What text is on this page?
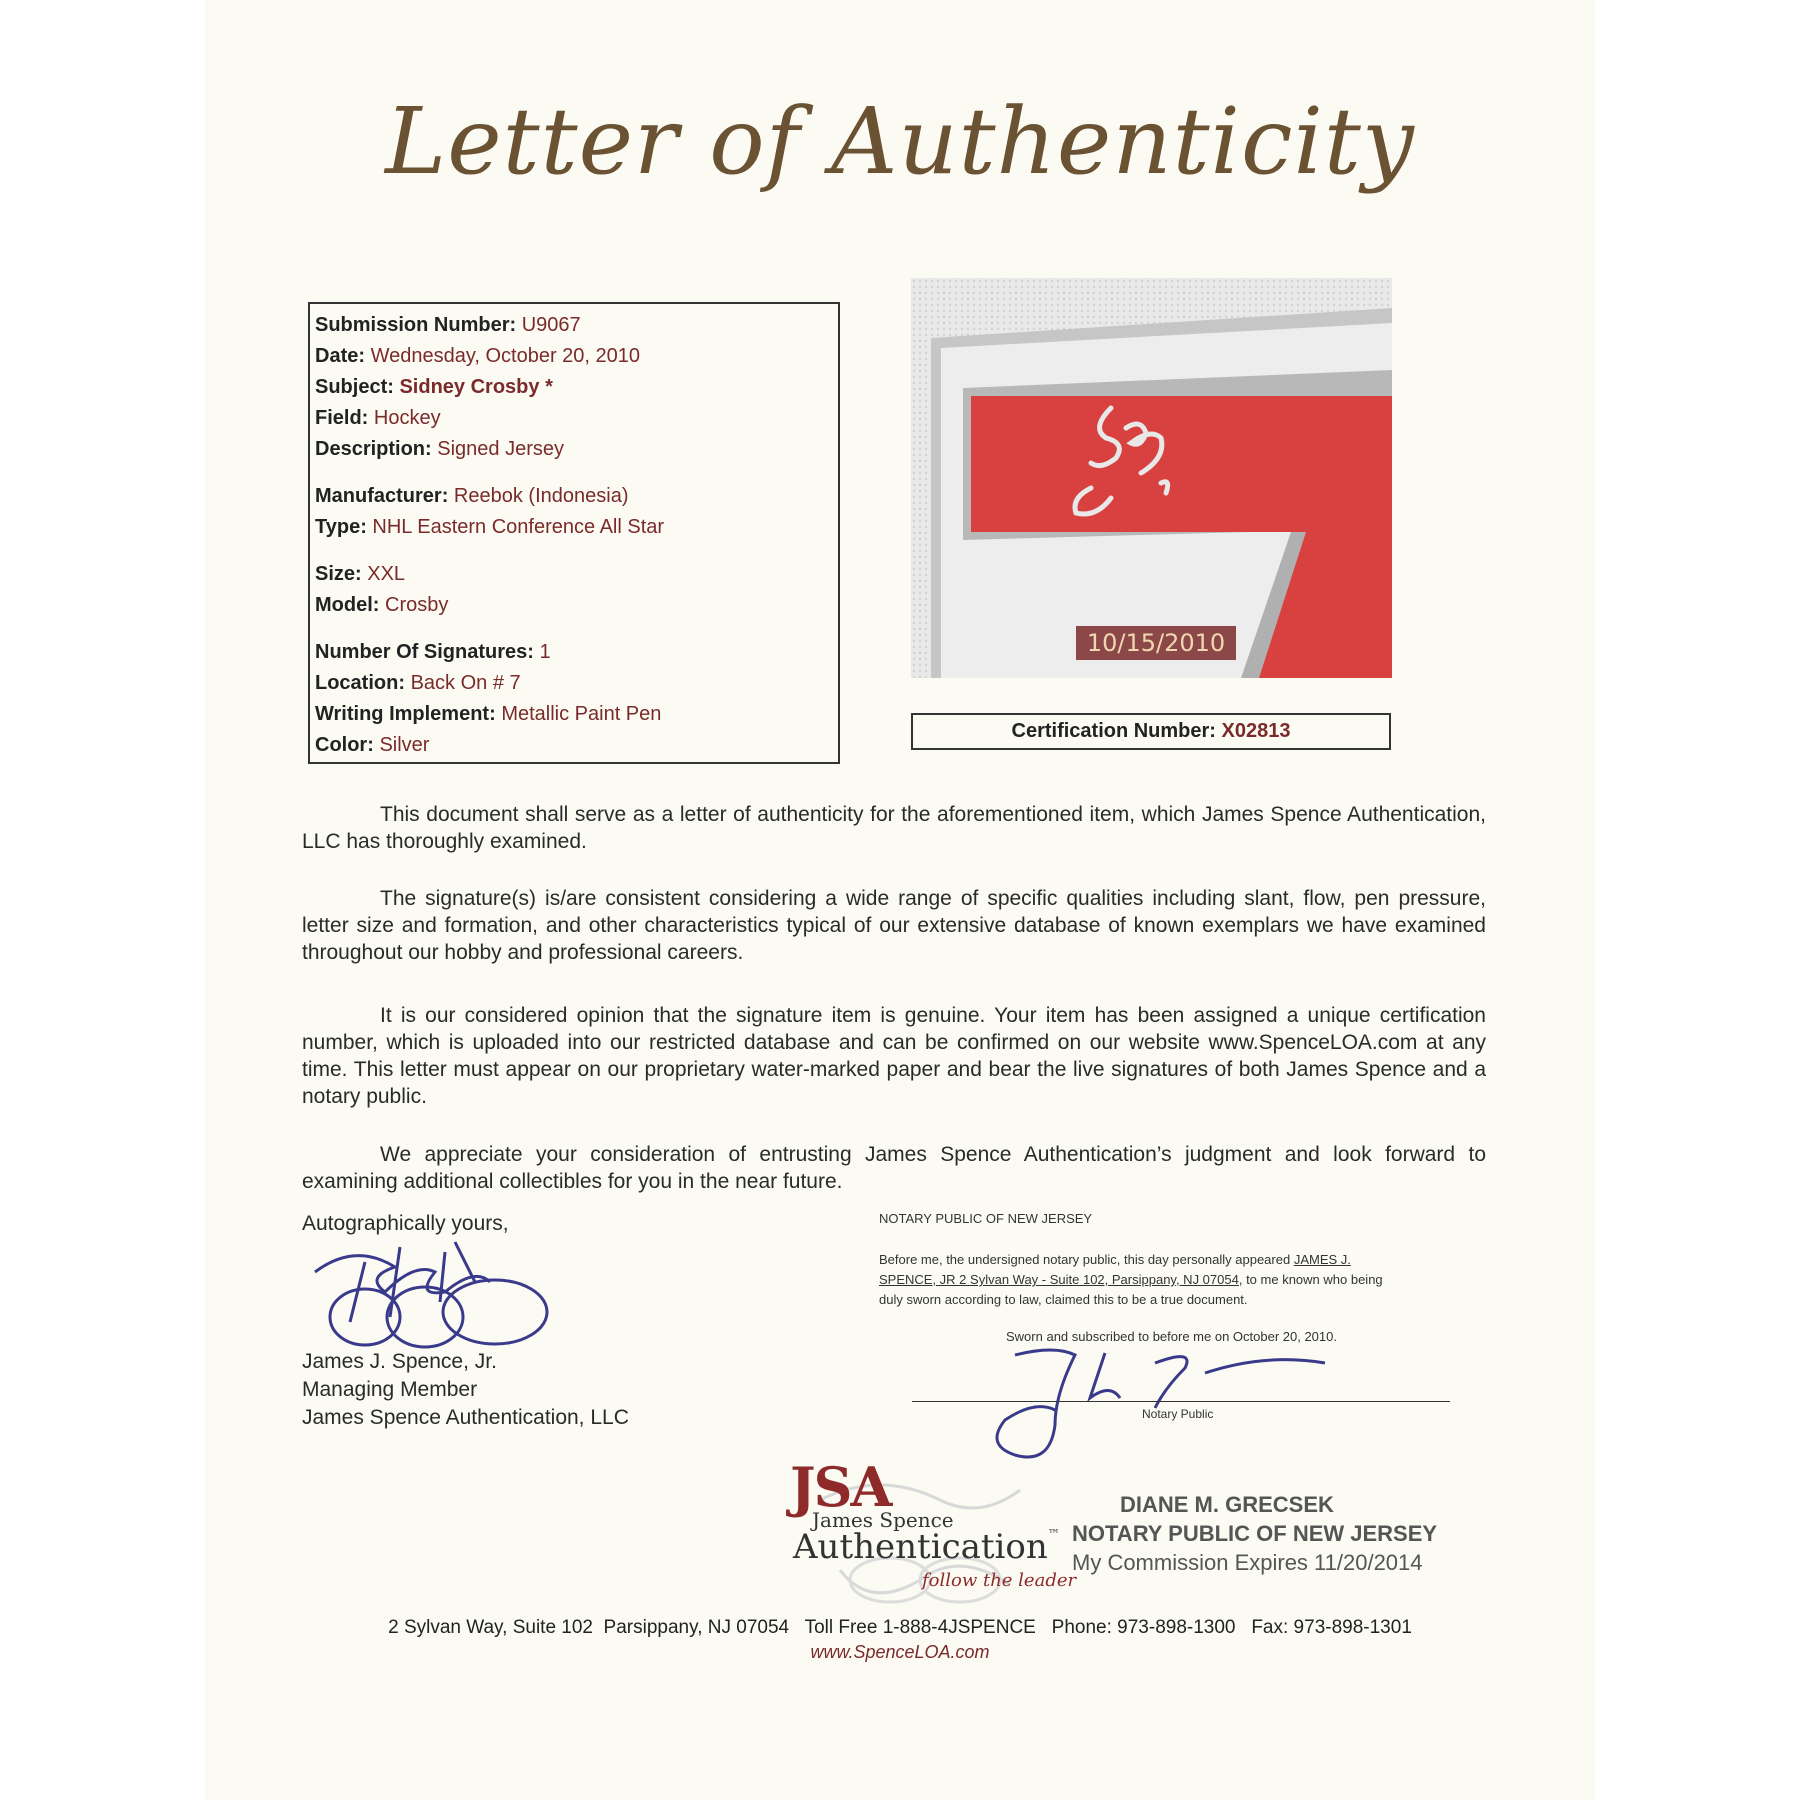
Letter of Authenticity
Submission Number: U9067
Date: Wednesday, October 20, 2010
Subject: Sidney Crosby *
Field: Hockey
Description: Signed Jersey
Manufacturer: Reebok (Indonesia)
Type: NHL Eastern Conference All Star
Size: XXL
Model: Crosby
Number Of Signatures: 1
Location: Back On # 7
Writing Implement: Metallic Paint Pen
Color: Silver
10/15/2010
Certification Number: X02813
This document shall serve as a letter of authenticity for the aforementioned item, which James Spence Authentication, LLC has thoroughly examined.
The signature(s) is/are consistent considering a wide range of specific qualities including slant, flow, pen pressure, letter size and formation, and other characteristics typical of our extensive database of known exemplars we have examined throughout our hobby and professional careers.
It is our considered opinion that the signature item is genuine. Your item has been assigned a unique certification number, which is uploaded into our restricted database and can be confirmed on our website www.SpenceLOA.com at any time. This letter must appear on our proprietary water-marked paper and bear the live signatures of both James Spence and a notary public.
We appreciate your consideration of entrusting James Spence Authentication’s judgment and look forward to examining additional collectibles for you in the near future.
Autographically yours,
James J. Spence, Jr.
Managing Member
James Spence Authentication, LLC
NOTARY PUBLIC OF NEW JERSEY
Before me, the undersigned notary public, this day personally appeared JAMES J. SPENCE, JR 2 Sylvan Way - Suite 102, Parsippany, NJ 07054, to me known who being duly sworn according to law, claimed this to be a true document.
Sworn and subscribed to before me on October 20, 2010.
Notary Public
JSA
James Spence
Authentication™
follow the leader
DIANE M. GRECSEK
NOTARY PUBLIC OF NEW JERSEY
My Commission Expires 11/20/2014
2 Sylvan Way, Suite 102  Parsippany, NJ 07054   Toll Free 1-888-4JSPENCE   Phone: 973-898-1300   Fax: 973-898-1301
www.SpenceLOA.com
